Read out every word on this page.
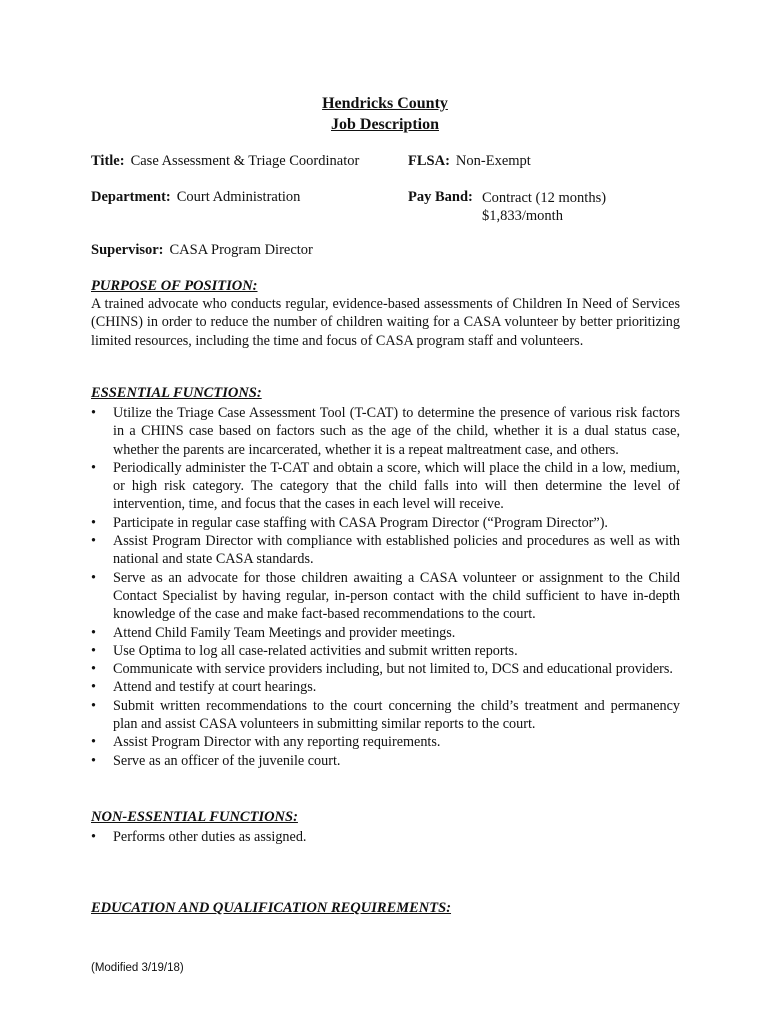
Hendricks County
Job Description
Title: Case Assessment & Triage Coordinator	FLSA: Non-Exempt
Department: Court Administration	Pay Band: Contract (12 months)
$1,833/month
Supervisor: CASA Program Director
PURPOSE OF POSITION:

A trained advocate who conducts regular, evidence-based assessments of Children In Need of Services (CHINS) in order to reduce the number of children waiting for a CASA volunteer by better prioritizing limited resources, including the time and focus of CASA program staff and volunteers.

ESSENTIAL FUNCTIONS:
•	Utilize the Triage Case Assessment Tool (T-CAT) to determine the presence of various risk factors in a CHINS case based on factors such as the age of the child, whether it is a dual status case, whether the parents are incarcerated, whether it is a repeat maltreatment case, and others.
•	Periodically administer the T-CAT and obtain a score, which will place the child in a low, medium, or high risk category. The category that the child falls into will then determine the level of intervention, time, and focus that the cases in each level will receive.
•	Participate in regular case staffing with CASA Program Director (“Program Director”).
•	Assist Program Director with compliance with established policies and procedures as well as with national and state CASA standards.
•	Serve as an advocate for those children awaiting a CASA volunteer or assignment to the Child Contact Specialist by having regular, in-person contact with the child sufficient to have in-depth knowledge of the case and make fact-based recommendations to the court.
•	Attend Child Family Team Meetings and provider meetings.
•	Use Optima to log all case-related activities and submit written reports.
•	Communicate with service providers including, but not limited to, DCS and educational providers.
•	Attend and testify at court hearings.
•	Submit written recommendations to the court concerning the child’s treatment and permanency plan and assist CASA volunteers in submitting similar reports to the court.
•	Assist Program Director with any reporting requirements.
•	Serve as an officer of the juvenile court.
NON-ESSENTIAL FUNCTIONS:
•	Performs other duties as assigned.
EDUCATION AND QUALIFICATION REQUIREMENTS:
(Modified 3/19/18)
